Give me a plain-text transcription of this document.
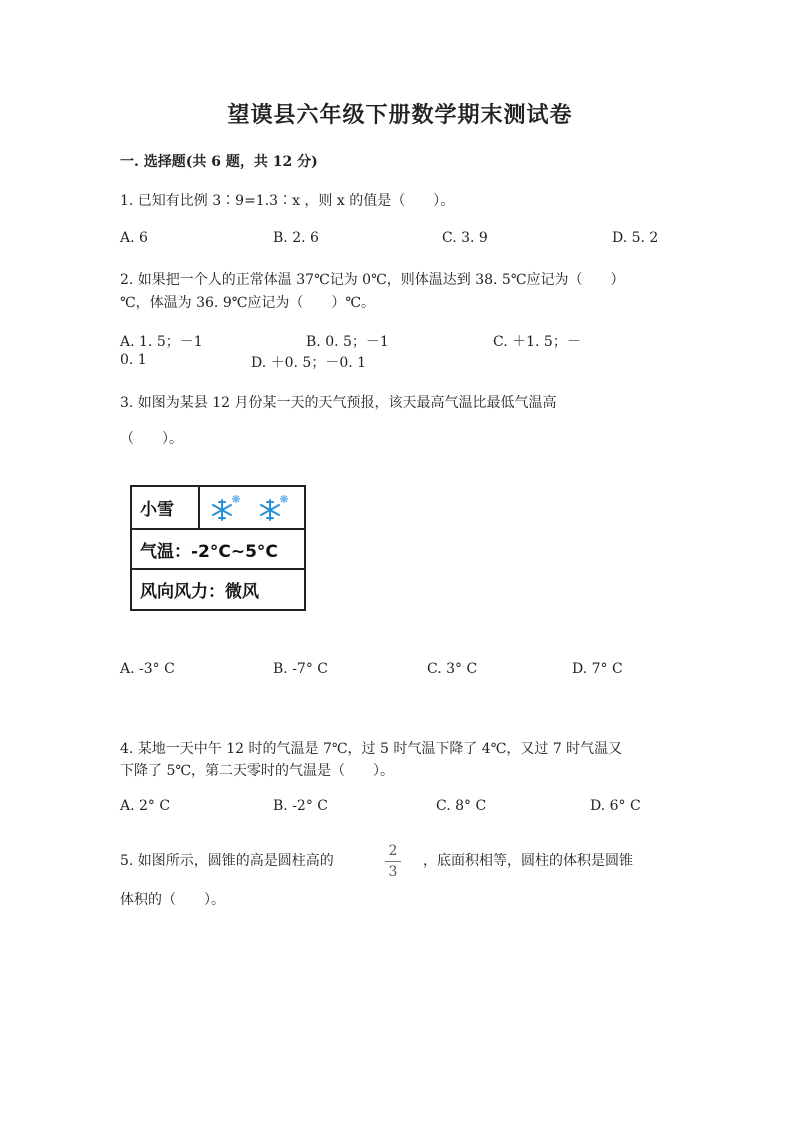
望谟县六年级下册数学期末测试卷
一. 选择题(共 6 题，共 12 分)
1. 已知有比例 3∶9=1.3∶x ，则 x 的值是（　　）。
A. 6	B. 2. 6	C. 3. 9	D. 5. 2
2. 如果把一个人的正常体温 37℃记为 0℃，则体温达到 38. 5℃应记为（　　）
℃，体温为 36. 9℃应记为（　　）℃。
A. 1. 5；－1	B. 0. 5；－1	C. ＋1. 5；－
0. 1	D. ＋0. 5；－0. 1
3. 如图为某县 12 月份某一天的天气预报，该天最高气温比最低气温高
（　　）。
小雪
气温：-2°C~5°C
风向风力：微风
A. -3° C	B. -7° C	C. 3° C	D. 7° C
4. 某地一天中午 12 时的气温是 7℃，过 5 时气温下降了 4℃，又过 7 时气温又
下降了 5℃，第二天零时的气温是（　　）。
A. 2° C	B. -2° C	C. 8° C	D. 6° C
5. 如图所示，圆锥的高是圆柱高的
2
3
，底面积相等，圆柱的体积是圆锥
体积的（　　）。
